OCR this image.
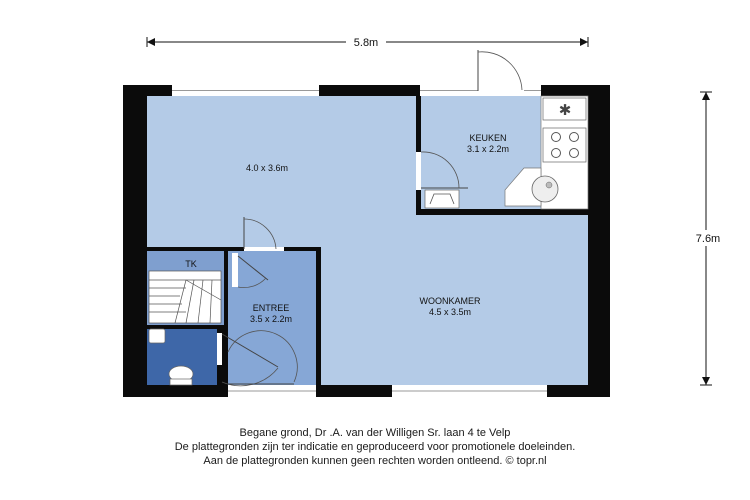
5.8m
7.6m
✱
4.0 x 3.6m
KEUKEN
3.1 x 2.2m
TK
ENTREE
3.5 x 2.2m
WOONKAMER
4.5 x 3.5m
Begane grond, Dr .A. van der Willigen Sr. laan 4 te Velp
De plattegronden zijn ter indicatie en geproduceerd voor promotionele doeleinden.
Aan de plattegronden kunnen geen rechten worden ontleend. © topr.nl
